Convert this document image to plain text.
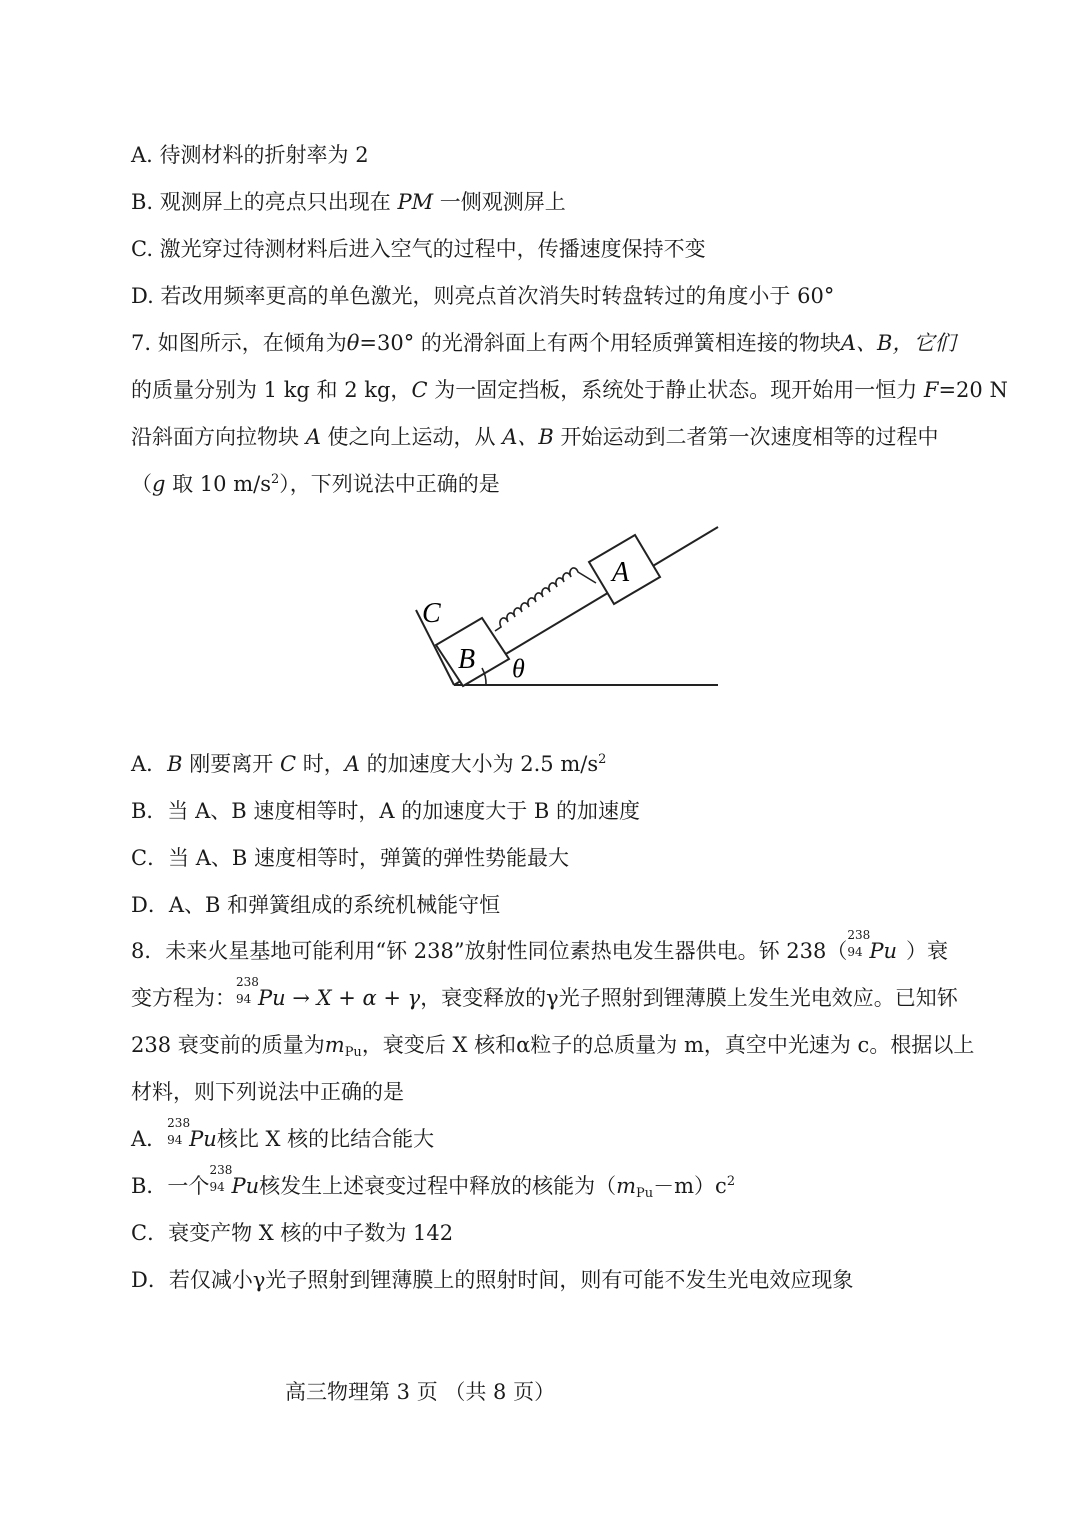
A. 待测材料的折射率为 2
B. 观测屏上的亮点只出现在 PM 一侧观测屏上
C. 激光穿过待测材料后进入空气的过程中，传播速度保持不变
D. 若改用频率更高的单色激光，则亮点首次消失时转盘转过的角度小于 60°
7. 如图所示，在倾角为θ=30° 的光滑斜面上有两个用轻质弹簧相连接的物块 A、B，它们
的质量分别为 1 kg 和 2 kg，C 为一固定挡板，系统处于静止状态。现开始用一恒力 F=20 N
沿斜面方向拉物块 A 使之向上运动，从 A、B 开始运动到二者第一次速度相等的过程中
（g 取 10 $m/s^2$），下列说法中正确的是
C
B
A
θ
A．B 刚要离开 C 时，A 的加速度大小为 2.5 $m/s^2$
B．当 A、B 速度相等时，A 的加速度大于 B 的加速度
C．当 A、B 速度相等时，弹簧的弹性势能最大
D．A、B 和弹簧组成的系统机械能守恒
8．未来火星基地可能利用“钚 238”放射性同位素热电发生器供电。钚 238（
238
94 Pu ）衰
变方程为：
238
94 Pu → X + α + γ，衰变释放的γ光子照射到锂薄膜上发生光电效应。已知钚
238 衰变前的质量为$m_{Pu}$，衰变后 X 核和α粒子的总质量为 m，真空中光速为 c。根据以上
材料，则下列说法中正确的是
A．
238
94 Pu核比 X 核的比结合能大
B．一个
238
94 Pu核发生上述衰变过程中释放的核能为$(m_{Pu}-m)c^2$
C．衰变产物 X 核的中子数为 142
D．若仅减小γ光子照射到锂薄膜上的照射时间，则有可能不发生光电效应现象
高三物理第 3 页 （共 8 页）
